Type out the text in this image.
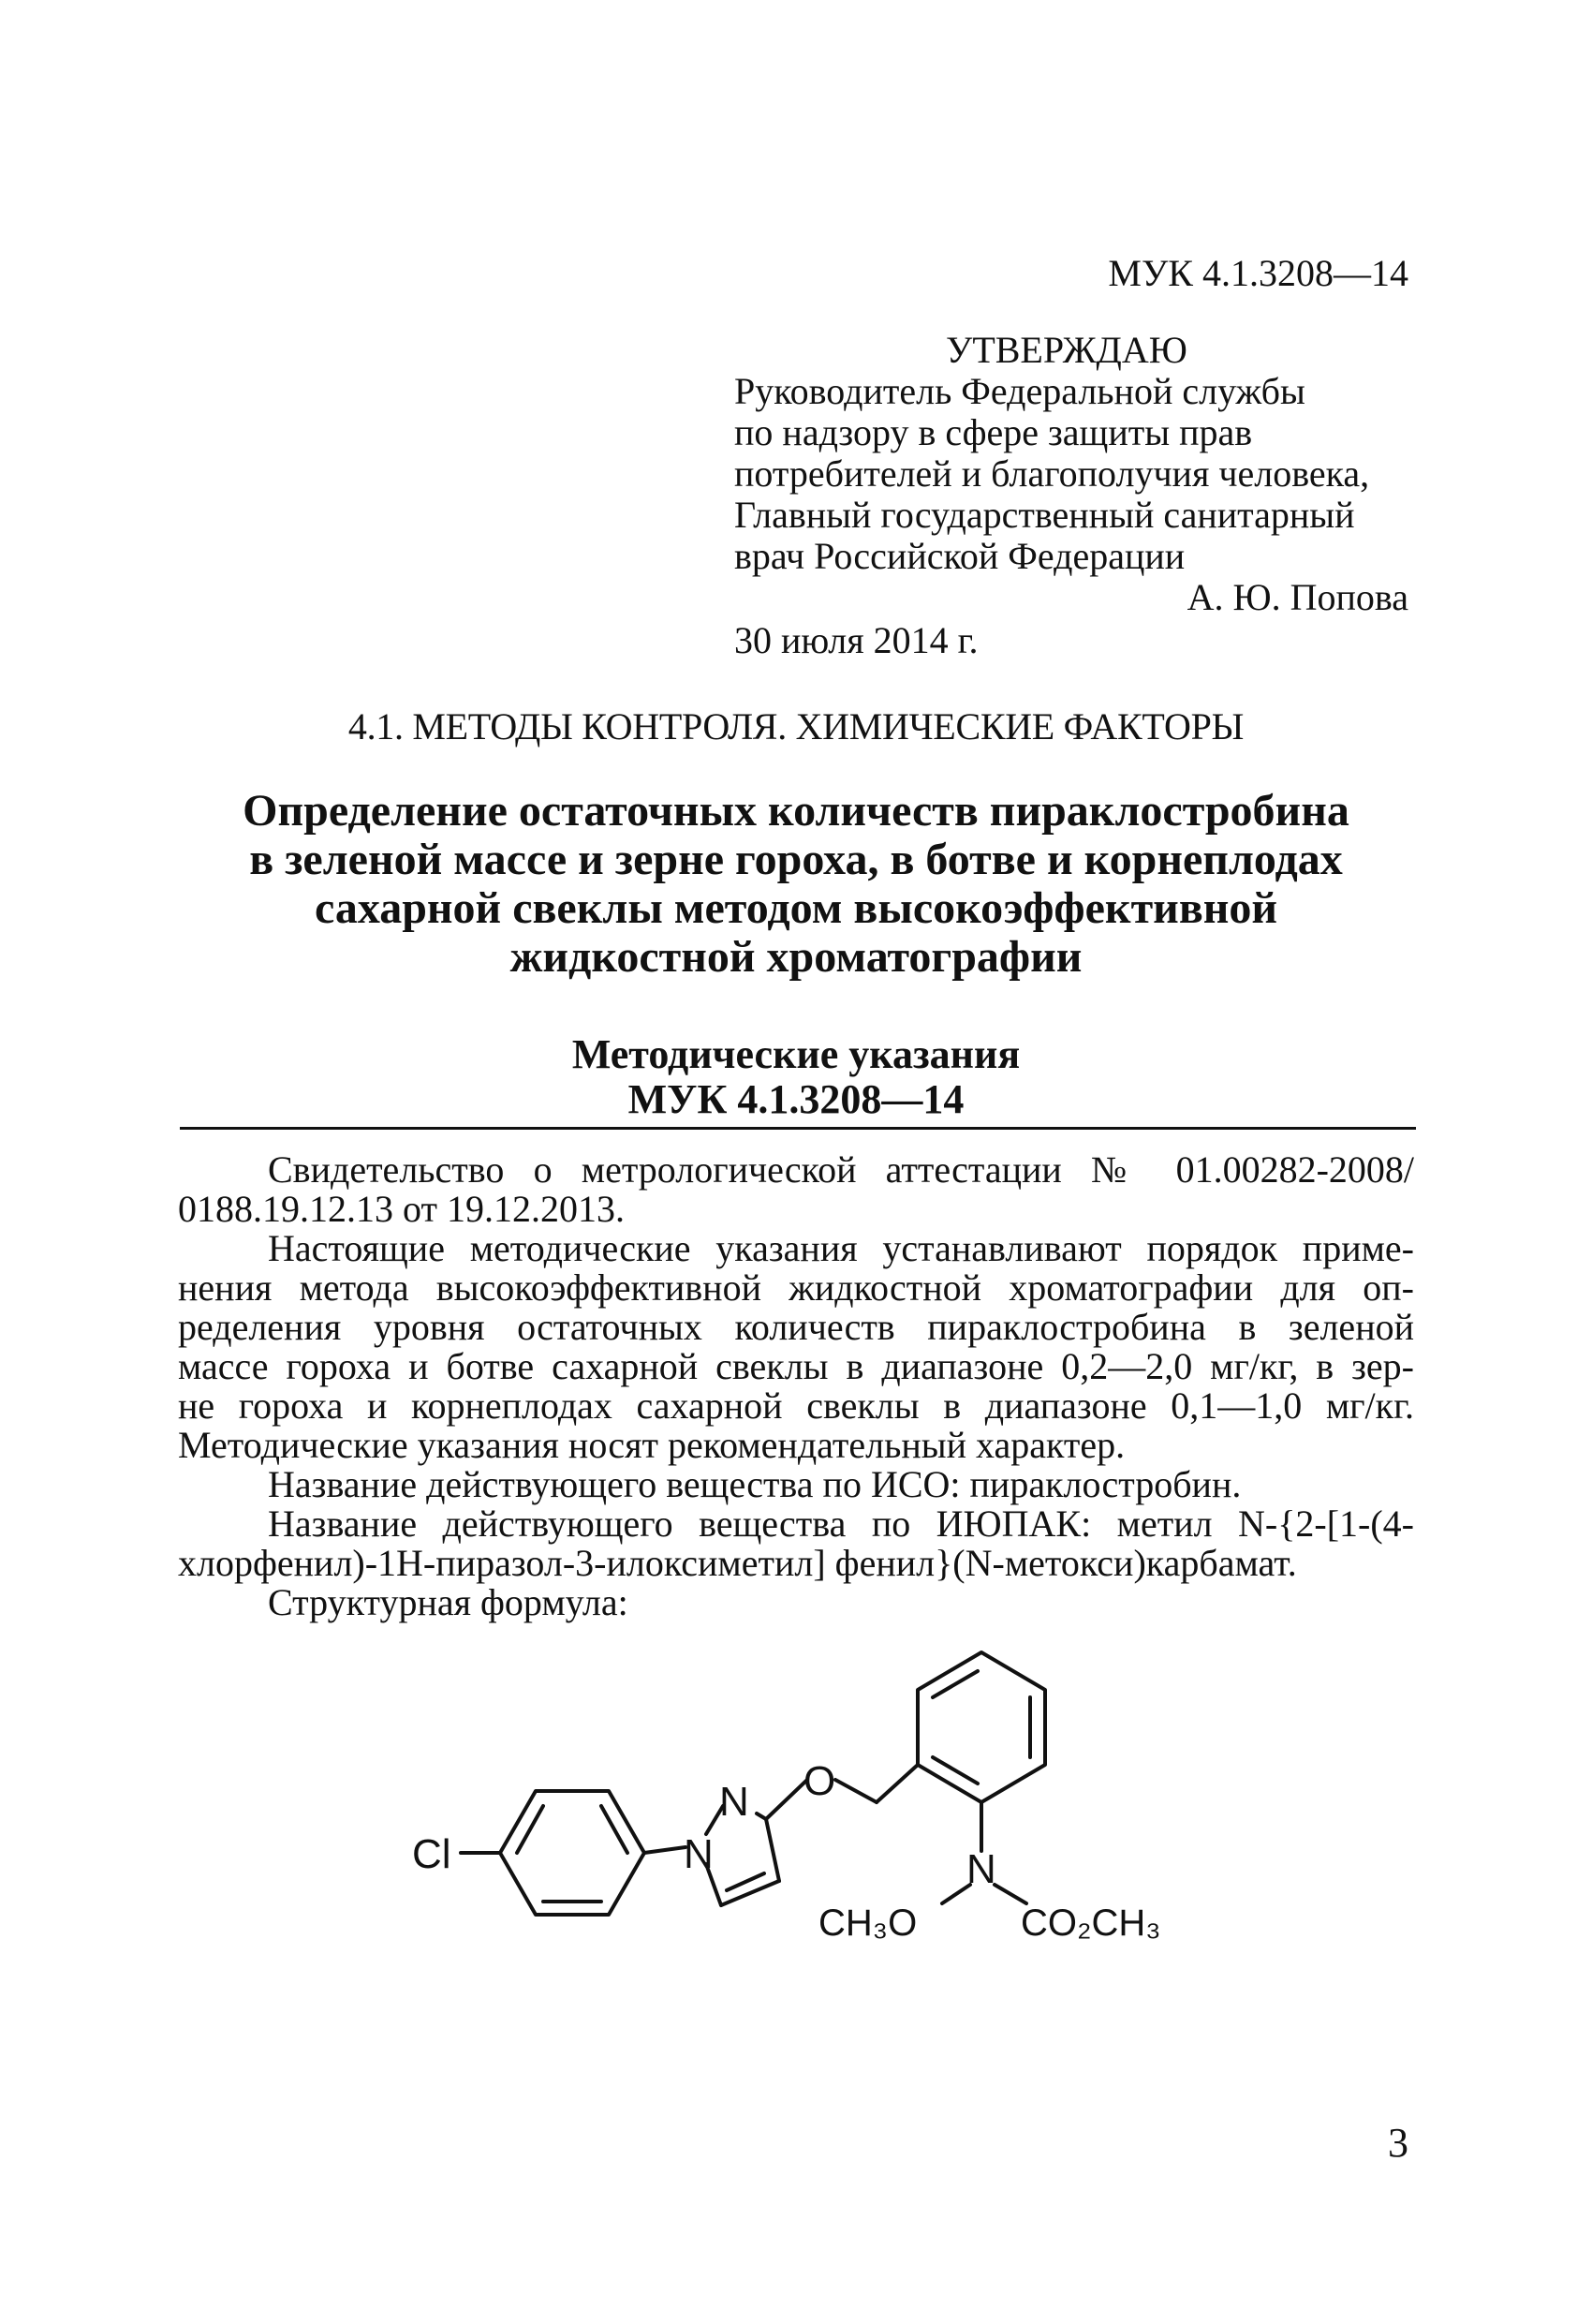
МУК 4.1.3208—14
УТВЕРЖДАЮ
Руководитель Федеральной службы
по надзору в сфере защиты прав
потребителей и благополучия человека,
Главный государственный санитарный
врач Российской Федерации
А. Ю. Попова
30 июля 2014 г.
4.1. МЕТОДЫ КОНТРОЛЯ. ХИМИЧЕСКИЕ ФАКТОРЫ
Определение остаточных количеств пираклостробина
в зеленой массе и зерне гороха, в ботве и корнеплодах
сахарной свеклы методом высокоэффективной
жидкостной хроматографии
Методические указания
МУК 4.1.3208—14
Свидетельство о метрологической аттестации № 01.00282-2008/
0188.19.12.13 от 19.12.2013.
Настоящие методические указания устанавливают порядок приме-
нения метода высокоэффективной жидкостной хроматографии для оп-
ределения уровня остаточных количеств пираклостробина в зеленой
массе гороха и ботве сахарной свеклы в диапазоне 0,2—2,0 мг/кг, в зер-
не гороха и корнеплодах сахарной свеклы в диапазоне 0,1—1,0 мг/кг.
Методические указания носят рекомендательный характер.
Название действующего вещества по ИСО: пираклостробин.
Название действующего вещества по ИЮПАК: метил N-{2-[1-(4-
хлорфенил)-1Н-пиразол-3-илоксиметил] фенил}(N-метокси)карбамат.
Структурная формула:
Cl	N
N O
N
CH₃O	CO₂CH₃
3
